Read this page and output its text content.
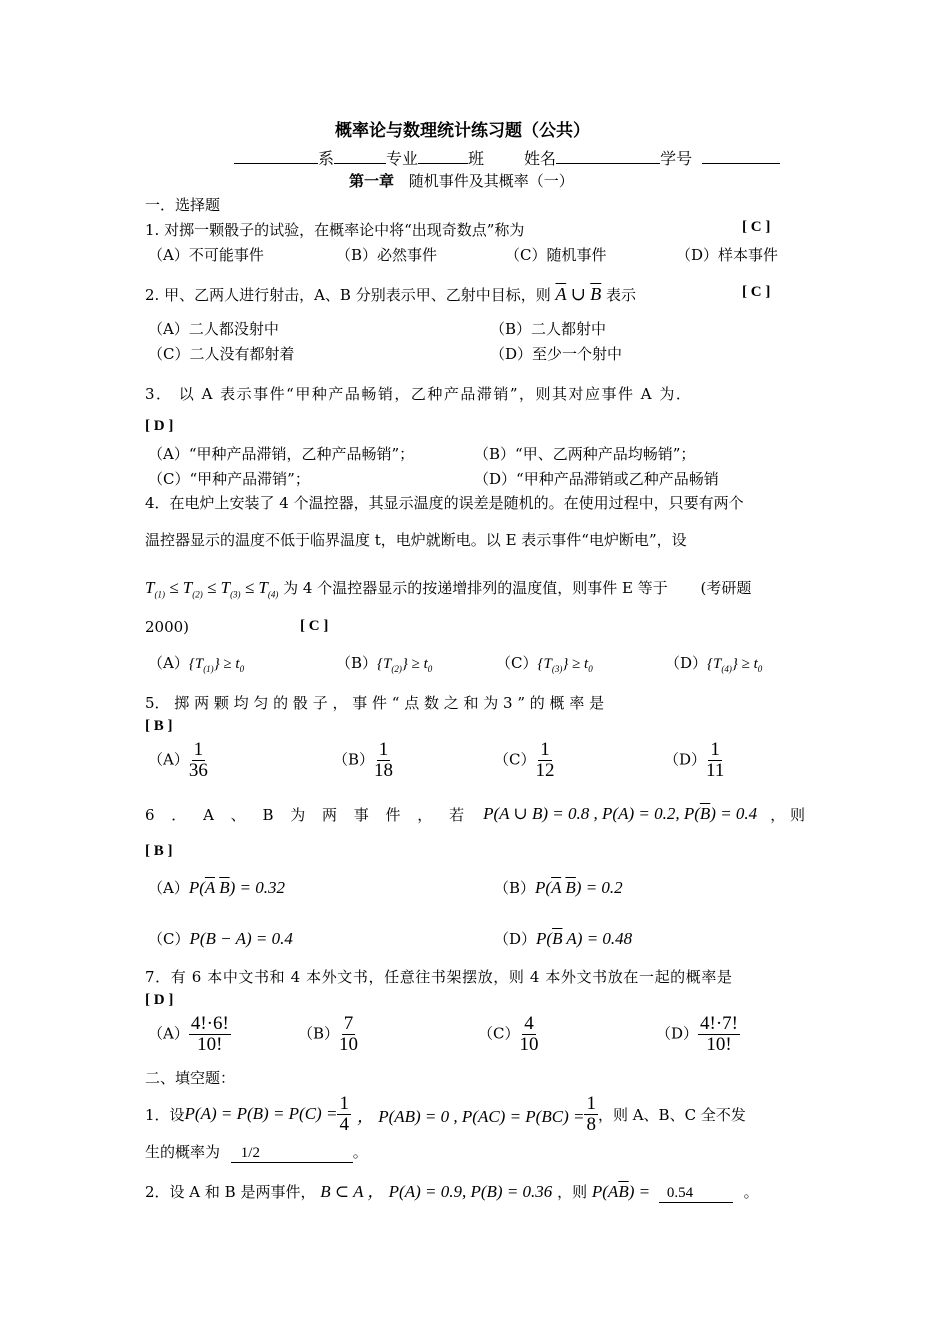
概率论与数理统计练习题（公共）
系	专业	班	姓名	学号
第一章 随机事件及其概率（一）
一．选择题
1. 对掷一颗骰子的试验，在概率论中将“出现奇数点”称为	[ C ]
（A）不可能事件	（B）必然事件	（C）随机事件	（D）样本事件
2. 甲、乙两人进行射击，A、B 分别表示甲、乙射中目标，则 $\overline{A}$ ∪ $\overline{B}$ 表示	[ C ]
（A）二人都没射中	（B）二人都射中
（C）二人没有都射着	（D）至少一个射中
3． 以 A 表示事件“甲种产品畅销，乙种产品滞销”，则其对应事件 A 为．
[ D ]
（A）“甲种产品滞销，乙种产品畅销”；	（B）“甲、乙两种产品均畅销”；
（C）“甲种产品滞销”；	（D）“甲种产品滞销或乙种产品畅销
4．在电炉上安装了 4 个温控器，其显示温度的误差是随机的。在使用过程中，只要有两个
温控器显示的温度不低于临界温度 t，电炉就断电。以 E 表示事件“电炉断电”，设
$T_{(1)} \le T_{(2)} \le T_{(3)} \le T_{(4)}$ 为 4 个温控器显示的按递增排列的温度值，则事件 E 等于 (考研题
2000)	[ C ]
$(A)\{T_{(1)}\} \ge t_0$	$(B)\{T_{(2)}\} \ge t_0$	$(C)\{T_{(3)}\} \ge t_0$	$(D)\{T_{(4)}\} \ge t_0$
5． 掷 两 颗 均 匀 的 骰 子 ， 事 件 “ 点 数 之 和 为 3 ” 的 概 率 是
[ B ]
$(A) \frac{1}{36}$	$(B) \frac{1}{18}$	$(C) \frac{1}{12}$	$(D) \frac{1}{11}$
6 ． A 、 B 为 两 事 件 ， 若 P(A ∪ B) = 0.8 , P(A) = 0.2, $P(\overline{B}) = 0.4$ ， 则
[ B ]
$(A)P(\overline{A}$ $\overline{B}) = 0.32$	$(B)P(\overline{A}$ $\overline{B}) = 0.2$
（C）P(B − A) = 0.4	$(D)P(\overline{B}$ A) = 0.48
7．有 6 本中文书和 4 本外文书，任意往书架摆放，则 4 本外文书放在一起的概率是
[ D ]
$(A) \frac{4!\cdot 6!}{10!}$	$(B) \frac{7}{10}$	$(C) \frac{4}{10}$	$(D) \frac{4!\cdot 7!}{10!}$
二、填空题：
1．设 $P(A) = P(B) = P(C) = \frac{1}{4}$ ， P(AB) = 0 , $P(AC) = P(BC) = \frac{1}{8}$ ，则 A、B、C 全不发
生的概率为 1/2	。
2．设 A 和 B 是两事件， B ⊂ A ， P(A) = 0.9, P(B) = 0.36 ，则 $P(A\overline{B}) = 0.54$	。
